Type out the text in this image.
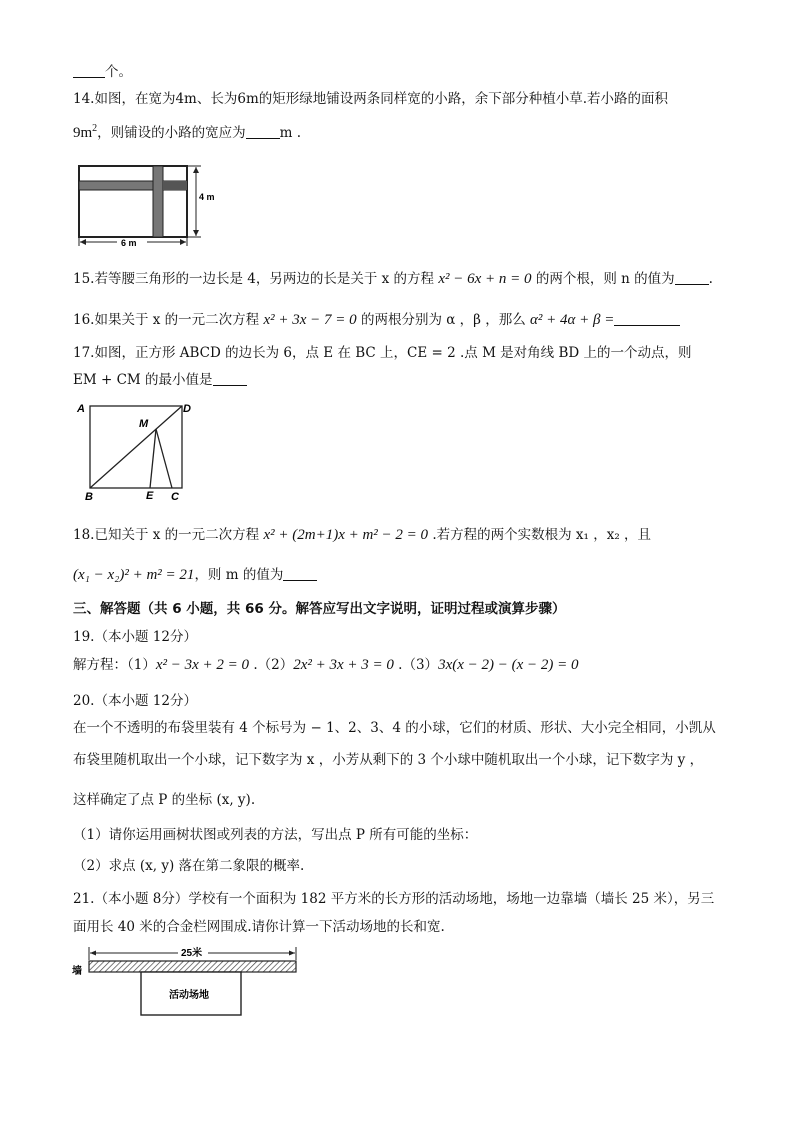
个。
14.如图，在宽为4m、长为6m的矩形绿地铺设两条同样宽的小路，余下部分种植小草.若小路的面积
$9m^2$，则铺设的小路的宽应为	m .
4 m
6 m
15.若等腰三角形的一边长是 4，另两边的长是关于 x 的方程 x² − 6x + n = 0 的两个根，则 n 的值为	.
16.如果关于 x 的一元二次方程 x² + 3x − 7 = 0 的两根分别为 α ，β ，那么 α² + 4α + β =
17.如图，正方形 ABCD 的边长为 6，点 E 在 BC 上，CE = 2 .点 M 是对角线 BD 上的一个动点，则
EM + CM 的最小值是
A	D
M
B	E C
18.已知关于 x 的一元二次方程 x² + (2m+1)x + m² − 2 = 0 .若方程的两个实数根为 x₁ ，x₂ ，且
(x₁ − x₂)² + m² = 21，则 m 的值为
三、解答题（共 6 小题，共 66 分。解答应写出文字说明，证明过程或演算步骤）
19.（本小题 12分）
解方程：（1）x² − 3x + 2 = 0 .（2）2x² + 3x + 3 = 0 .（3）3x(x − 2) − (x − 2) = 0
20.（本小题 12分）
在一个不透明的布袋里装有 4 个标号为 − 1、2、3、4 的小球，它们的材质、形状、大小完全相同，小凯从
布袋里随机取出一个小球，记下数字为 x ，小芳从剩下的 3 个小球中随机取出一个小球，记下数字为 y ，
这样确定了点 P 的坐标 (x, y).
（1）请你运用画树状图或列表的方法，写出点 P 所有可能的坐标：
（2）求点 (x, y) 落在第二象限的概率.
21.（本小题 8分）学校有一个面积为 182 平方米的长方形的活动场地，场地一边靠墙（墙长 25 米），另三
面用长 40 米的合金栏网围成.请你计算一下活动场地的长和宽.
墙
25米
活动场地
